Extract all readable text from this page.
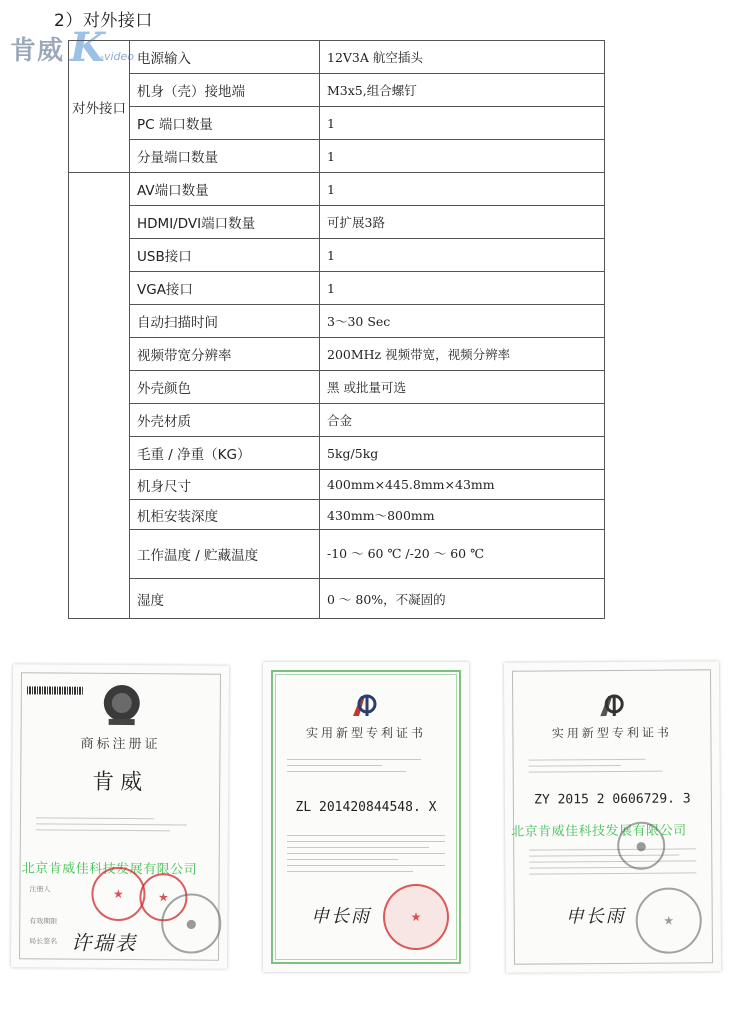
2）对外接口
肯威 K
-video
对外接口	电源输入	12V3A 航空插头
	机身（壳）接地端	M3x5,组合螺钉
	PC 端口数量	1
	分量端口数量	1
	AV端口数量	1
	HDMI/DVI端口数量	可扩展3路
	USB接口	1
	VGA接口	1
	自动扫描时间	3～30 Sec
	视频带宽分辨率	200MHz 视频带宽，视频分辨率
	外壳颜色	黑 或批量可选
	外壳材质	合金
	毛重 / 净重（KG）	5kg/5kg
	机身尺寸	400mm×445.8mm×43mm
	机柜安装深度	430mm～800mm
	工作温度 / 贮藏温度	-10 ～ 60 ℃ /-20 ～ 60 ℃
	湿度	0 ～ 80%，不凝固的
商标注册证
肯威
北京肯威佳科技发展有限公司
★	★
●
注册人
有效期限
局长签名 许瑞表
实用新型专利证书
ZL 201420844548. X
申长雨	★
实用新型专利证书
ZY 2015 2 0606729. 3
北京肯威佳科技发展有限公司
●
申长雨	★
